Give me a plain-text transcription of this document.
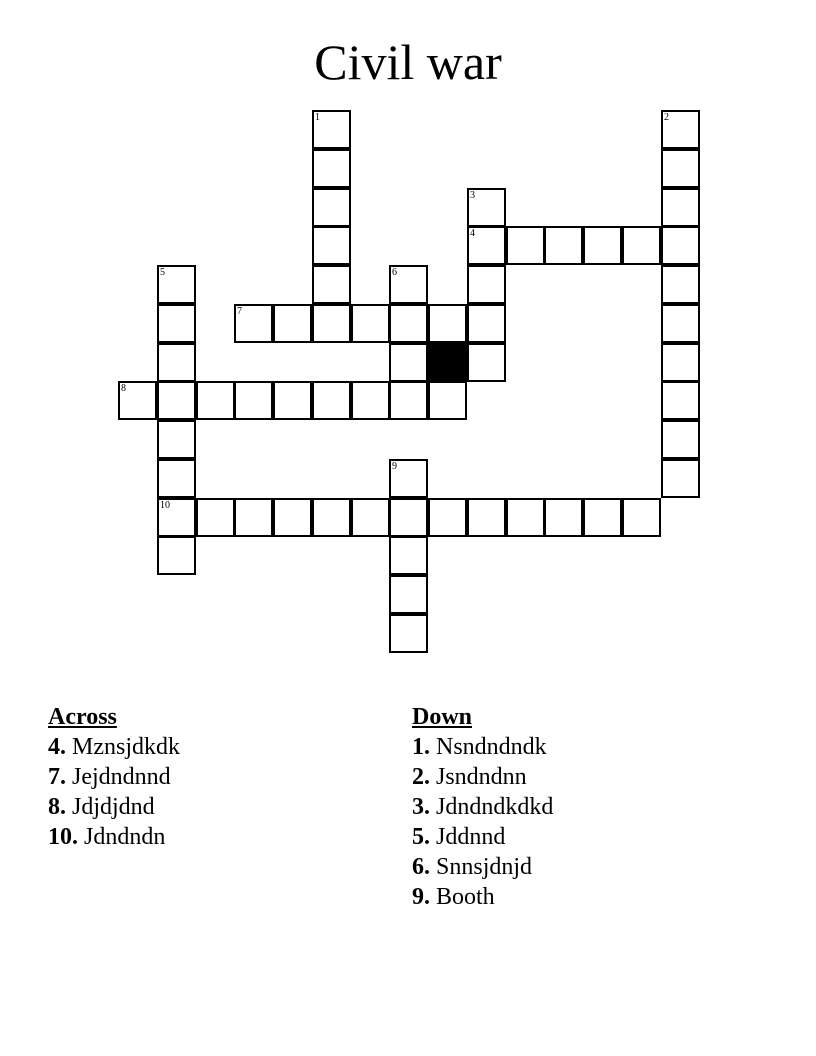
Civil war
4
7
8
10
1	2
3
5	6
9
Across
4. Mznsjdkdk
7. Jejdndnnd
8. Jdjdjdnd
10. Jdndndn
Down
1. Nsndndndk
2. Jsndndnn
3. Jdndndkdkd
5. Jddnnd
6. Snnsjdnjd
9. Booth
